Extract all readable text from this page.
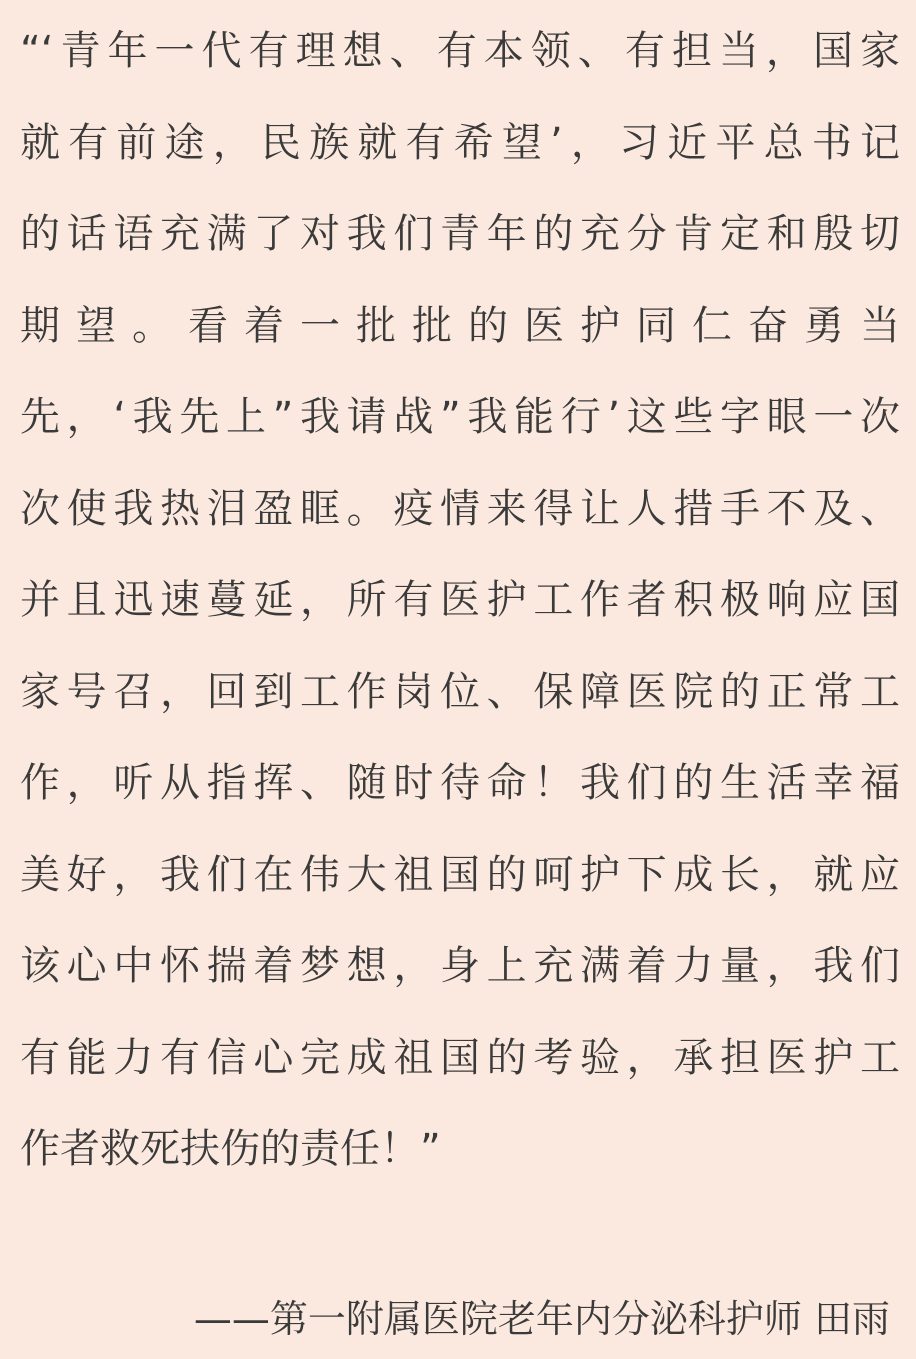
“‘青年一代有理想、有本领、有担当，国家
就有前途，民族就有希望’，习近平总书记
的话语充满了对我们青年的充分肯定和殷切
期望。看着一批批的医护同仁奋勇当
先，‘我先上”我请战”我能行’这些字眼一次
次使我热泪盈眶。疫情来得让人措手不及、
并且迅速蔓延，所有医护工作者积极响应国
家号召，回到工作岗位、保障医院的正常工
作，听从指挥、随时待命！我们的生活幸福
美好，我们在伟大祖国的呵护下成长，就应
该心中怀揣着梦想，身上充满着力量，我们
有能力有信心完成祖国的考验，承担医护工
作者救死扶伤的责任！”
——第一附属医院老年内分泌科护师 田雨
